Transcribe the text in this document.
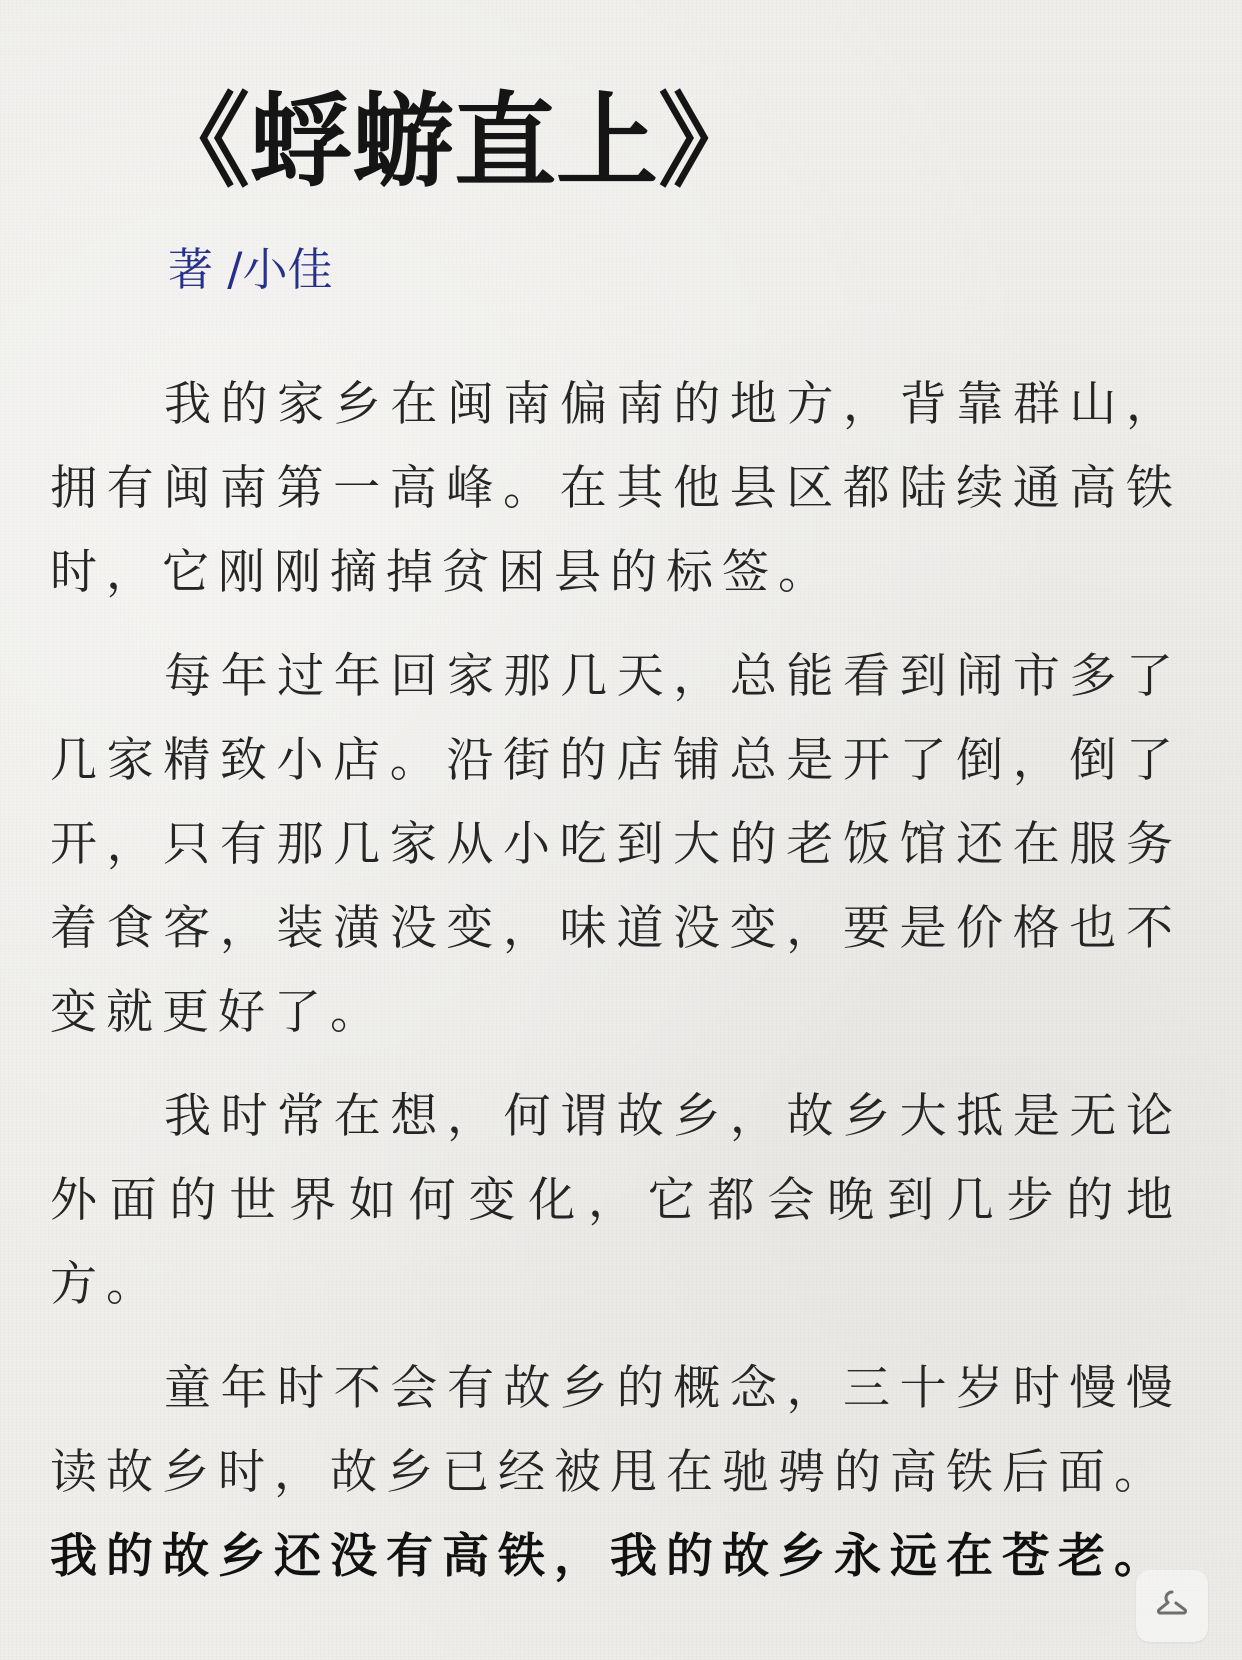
《蜉蝣直上》
著 /小佳

我的家乡在闽南偏南的地方，背靠群山，拥有闽南第一高峰。在其他县区都陆续通高铁时，它刚刚摘掉贫困县的标签。

每年过年回家那几天，总能看到闹市多了几家精致小店。沿街的店铺总是开了倒，倒了开，只有那几家从小吃到大的老饭馆还在服务着食客，装潢没变，味道没变，要是价格也不变就更好了。

我时常在想，何谓故乡，故乡大抵是无论外面的世界如何变化，它都会晚到几步的地方。

童年时不会有故乡的概念，三十岁时慢慢读故乡时，故乡已经被甩在驰骋的高铁后面。
我的故乡还没有高铁，我的故乡永远在苍老。
